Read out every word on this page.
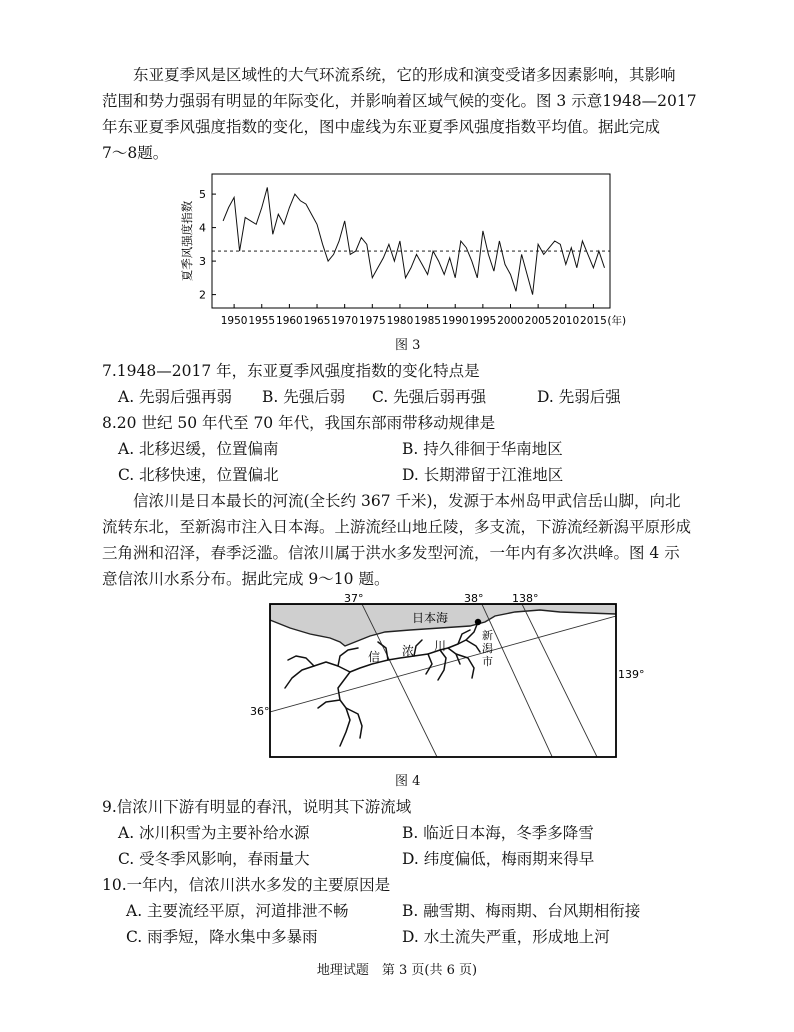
东亚夏季风是区域性的大气环流系统，它的形成和演变受诸多因素影响，其影响
范围和势力强弱有明显的年际变化，并影响着区域气候的变化。图 3 示意1948—2017
年东亚夏季风强度指数的变化，图中虚线为东亚夏季风强度指数平均值。据此完成
7～8题。
2
3
4
5
1950 1955 1960 1965 1970 1975 1980 1985 1990 1995 2000 2005 2010 2015 (年)
夏季风强度指数
图 3
7.1948—2017 年，东亚夏季风强度指数的变化特点是
A. 先弱后强再弱 B. 先强后弱 C. 先强后弱再强	D. 先弱后强
8.20 世纪 50 年代至 70 年代，我国东部雨带移动规律是
A. 北移迟缓，位置偏南	B. 持久徘徊于华南地区
C. 北移快速，位置偏北	D. 长期滞留于江淮地区
信浓川是日本最长的河流(全长约 367 千米)，发源于本州岛甲武信岳山脚，向北
流转东北，至新潟市注入日本海。上游流经山地丘陵，多支流，下游流经新潟平原形成
三角洲和沼泽，春季泛滥。信浓川属于洪水多发型河流，一年内有多次洪峰。图 4 示
意信浓川水系分布。据此完成 9～10 题。
日本海
信 浓 川
新
潟
市
37°	38°	138°
139°
36°
图 4
9.信浓川下游有明显的春汛，说明其下游流域
A. 冰川积雪为主要补给水源	B. 临近日本海，冬季多降雪
C. 受冬季风影响，春雨量大	D. 纬度偏低，梅雨期来得早
10.一年内，信浓川洪水多发的主要原因是
A. 主要流经平原，河道排泄不畅	B. 融雪期、梅雨期、台风期相衔接
C. 雨季短，降水集中多暴雨	D. 水土流失严重，形成地上河
地理试题　第 3 页(共 6 页)
